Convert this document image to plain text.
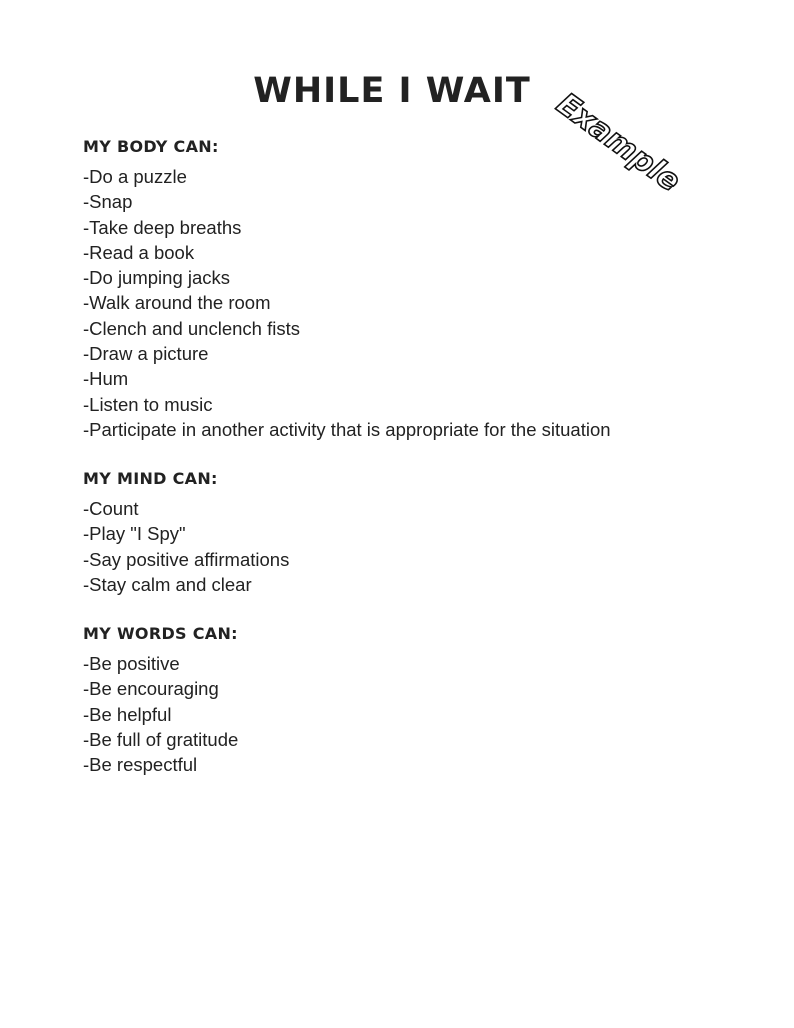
WHILE I WAIT Example
MY BODY CAN:
-Do a puzzle
-Snap
-Take deep breaths
-Read a book
-Do jumping jacks
-Walk around the room
-Clench and unclench fists
-Draw a picture
-Hum
-Listen to music
-Participate in another activity that is appropriate for the situation
MY MIND CAN:
-Count
-Play "I Spy"
-Say positive affirmations
-Stay calm and clear
MY WORDS CAN:
-Be positive
-Be encouraging
-Be helpful
-Be full of gratitude
-Be respectful
